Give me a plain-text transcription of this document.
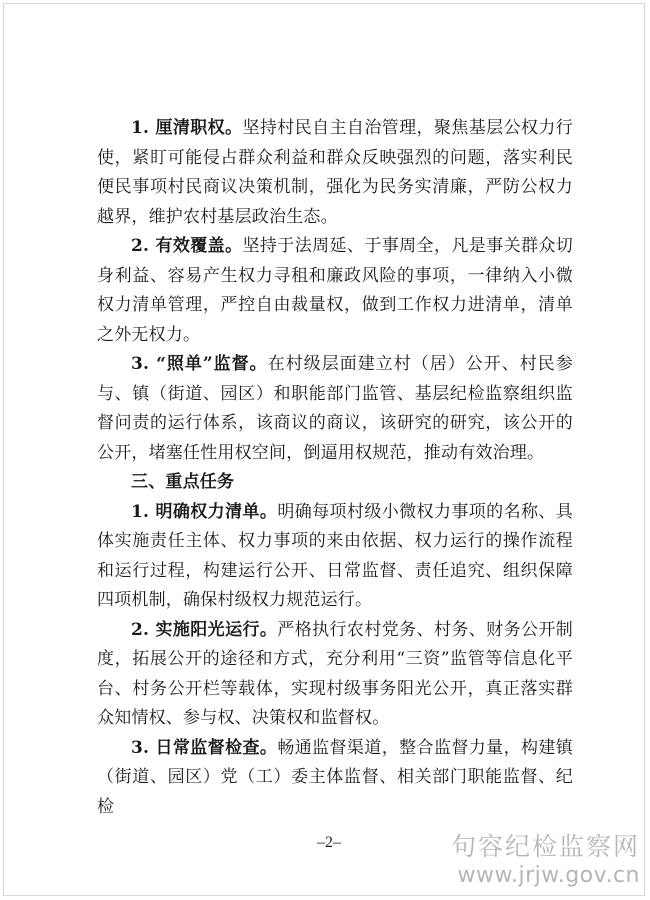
1. 厘清职权。坚持村民自主自治管理，聚焦基层公权力行使，紧盯可能侵占群众利益和群众反映强烈的问题，落实利民便民事项村民商议决策机制，强化为民务实清廉，严防公权力越界，维护农村基层政治生态。

2. 有效覆盖。坚持于法周延、于事周全，凡是事关群众切身利益、容易产生权力寻租和廉政风险的事项，一律纳入小微权力清单管理，严控自由裁量权，做到工作权力进清单，清单之外无权力。

3. “照单”监督。在村级层面建立村（居）公开、村民参与、镇（街道、园区）和职能部门监管、基层纪检监察组织监督问责的运行体系，该商议的商议，该研究的研究，该公开的公开，堵塞任性用权空间，倒逼用权规范，推动有效治理。

三、重点任务

1. 明确权力清单。明确每项村级小微权力事项的名称、具体实施责任主体、权力事项的来由依据、权力运行的操作流程和运行过程，构建运行公开、日常监督、责任追究、组织保障四项机制，确保村级权力规范运行。

2. 实施阳光运行。严格执行农村党务、村务、财务公开制度，拓展公开的途径和方式，充分利用“三资”监管等信息化平台、村务公开栏等载体，实现村级事务阳光公开，真正落实群众知情权、参与权、决策权和监督权。

3. 日常监督检查。畅通监督渠道，整合监督力量，构建镇（街道、园区）党（工）委主体监督、相关部门职能监督、纪检

–2–	句容纪检监察网
www.jrjw.gov.cn
